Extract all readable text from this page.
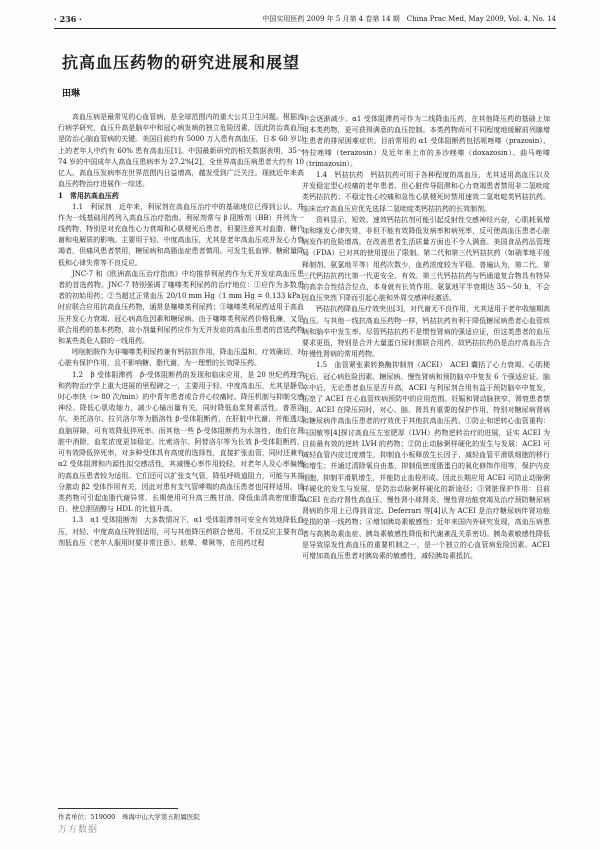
· 236 ·	中国实用医药 2009 年 5 月第 4 卷第 14 期　China Prac Med, May 2009, Vol. 4, No. 14
抗高血压药物的研究进展和展望
田琳

高血压病是最常见的心血管病，是全球范围内的重大公共卫生问题。根据流行病学研究，血压升高是脑卒中和冠心病发病的独立危险因素，因此防治高血压是防治心脑血管病的关键。美国目前约有 5000 万人患有高血压，日本 60 岁以上的老年人中约有 60% 患有高血压[1]。中国最新研究的相关数据表明，35～74 岁的中国成年人高血压患病率为 27.2%[2]，全世界高血压病患者大约有 10 亿人。高血压发病率在世界范围内日益增高，越发受到广泛关注。现就近年来高血压药物治疗进展作一综述。

1　常用抗高血压药

1.1　利尿剂　近年来，利尿剂在高血压治疗中的基础地位已得到公认，并作为一线基础用药列入高血压治疗指南。利尿剂常与 β 阻断剂（BB）并列为一线药物，特别是对充血性心力衰竭和心肌梗死后患者，但要注意其对血脂、糖代谢和电解质的影响。主要用于轻、中度高血压，尤其是老年高血压或并发心力衰竭者，但痛风患者禁用，糖尿病和高脂血症患者慎用。可发生低血钾、糖耐量降低和心律失常等不良反应。

JNC-7 和《欧洲高血压治疗指南》中均推荐利尿药作为无并发症高血压患者的首选药物。JNC-7 特别强调了噻嗪类利尿药的治疗地位：①应作为多数患者的初始用药；②当超过正常血压 20/10 mm Hg（1 mm Hg = 0.133 kPa）时应联合应用抗高血压药物，通常是噻嗪类利尿药；③噻嗪类利尿药适用于高血压并发心力衰竭、冠心病高危因素和糖尿病。由于噻嗪类利尿药价格低廉，又是联合用药的基本药物，故小剂量利尿药应作为无并发症的高血压患者的首选药物和某些高危人群的一线用药。

吲哒帕胺作为非噻嗪类利尿药兼有钙拮抗作用，降血压温和，疗效确切，对心脏有保护作用，且不影响糖、脂代谢，为一理想的长效降压药。

1.2　β 受体阻滞药　β-受体阻断药的发现和临床应用，是 20 世纪药理学和药物治疗学上重大进展的里程碑之一，主要用于轻、中度高血压，尤其是静息时心率快（> 80 次/min）的中青年患者或合并心绞痛时。降压机制与抑制交感神经、降低心肌收缩力，减少心输出量有关，同时降低血浆肾素活性。普萘洛尔、美托洛尔、拉贝洛尔等为脂溶性 β-受体阻断药，在肝脏中代谢，并能透过血脑屏障，可有效降低猝死率。而其他一些 β-受体阻断药为水溶性，他们在肾脏中消除，血浆浓度更加稳定。比索洛尔、阿替洛尔等为长效 β-受体阻断药，可有效降低猝死率，对多种受体具有高度的选择性，直接扩张血管，同时还兼有 α2 受体阻滞和内源性拟交感活性，其减慢心率作用较轻，对老年人及心率偏慢的高血压患者较为适用。它们还可以扩张支气管，降低呼吸道阻力，可能与其部分激动 β2 受体作用有关，因此对患有支气管哮喘的高血压患者也同样适用。该类药物可引起血脂代谢异常，长期使用可升高三酰甘油，降低血清高密度脂蛋白，使总胆固醇与 HDL 的比值升高。

1.3　α1 受体阻断剂　大多数情况下，α1 受体阻滞剂可安全有效地降低血压，对轻、中度高血压特别适用，可与其他降压药联合使用。不良反应主要有首剂低血压（老年人服用时要非常注意）、眩晕、晕厥等，在用药过程

中会逐渐减少。α1 受体阻滞药可作为二线降血压药，在其他降压药的基础上加用本类药物，更可获得满意的血压控制。本类药物尚可不同程度地缓解前列腺增生患者的排尿困难症状。目前常用的 α1 受体阻断药包括哌唑嗪（prazosin）、特拉唑嗪（terazosin）及近年来上市的多沙唑嗪（doxazosin）、曲马唑嗪（trimazosin）。

1.4　钙拮抗药　钙拮抗药可用于各种程度的高血压，尤其适用高血压以及并发稳定型心绞痛的老年患者。但心脏传导阻滞和心力衰竭患者禁用非二氢吡啶类钙拮抗药；不稳定性心绞痛和急性心肌梗死时禁用速效二氢吡啶类钙拮抗药。临床治疗高血压应优先选择二氢吡啶类钙拮抗药的长效制剂。

资料显示，短效、速效钙拮抗剂可能引起反射性交感神经兴奋，心肌耗氧增加和继发心律失常，非但不能有效降低发病率和病死率，反可使高血压患者心脏病发作的危险增高，在改善患者生活质量方面也不令人满意。美国食品药品管理局（FDA）已对其的使用提出了限制。第二代和第三代钙拮抗药（如硝苯地平缓释制剂、氨氯地平等）用药次数少，血药浓度较为平稳。普遍认为，第二代、第三代钙拮抗药比第一代更安全、有效。第三代钙拮抗药与钙通道复合物具有特异的高亲合性结合位点，本身就有长效作用。氨氯地平半衰期达 35～50 h，不会因血压突然下降而引起心脏和外周交感神经激活。

钙拮抗药降血压疗效突出[3]，对代谢无不良作用，尤其适用于老年收缩期高血压。与其他一线抗高血压药物一样，钙拮抗药有利于降低糖尿病患者心血管疾病和脑卒中发生率。尽管钙拮抗药不是惯性肾病的强适应证，但这类患者的血压要求更低，特别是合并大量蛋白尿时需联合用药，故钙拮抗药仍是治疗高血压合并慢性肾病的常用药物。

1.5　血管紧张素转换酶抑制剂（ACEI）　ACEI 囊括了心力衰竭、心肌梗死后、冠心病危险因素、糖尿病、慢性肾病和预防脑卒中复发 6 个强适应证。脑卒中后，无论患者血压是否升高，ACEI 与利尿剂合用有益于预防脑卒中复发，拓宽了 ACEI 在心血管疾病预防中的应用范围。妊娠和肾动脉狭窄、肾衰患者禁用。ACEI 在降压同时，对心、脑、肾具有重要的保护作用，特别对糖尿病肾病和糖尿病伴高血压患者的疗效优于其他抗高血压药。①防止和逆转心血管重构：马国敏等[4]探讨高血压左室肥厚（LVH）药物逆转治疗的进展，证实 ACEI 为目前最有效的逆转 LVH 的药物；②防止动脉粥样硬化的发生与发展：ACEI 可减轻血管内皮过度增生，抑制血小板释放生长因子，减轻血管平滑肌细胞的移行和增生；并通过清除氧自由基，抑制低密度脂蛋白的氧化修饰作用等，保护内皮细胞，抑制平滑肌增生，并能防止血栓形成。因此长期应用 ACEI 可防止动脉粥样硬化的发生与发展，是防治动脉粥样硬化的新途径；③肾脏保护作用：目前 ACEI 在治疗肾性高血压、慢性肾小球肾炎、慢性肾功能衰竭及治疗预防糖尿病肾病的作用上已得到肯定。Deferrari 等[4]认为 ACEI 是治疗糖尿病伴肾功能受损的第一线药物；④增加胰岛素敏感性：近年来国内外研究发现，高血压病患者与高胰岛素血症、胰岛素敏感性降低和代谢紊乱关系密切。胰岛素敏感性降低是导致原发性高血压的重要机制之一，是一个独立的心血管病危险因素。ACEI 可增加高血压患者对胰岛素的敏感性，减轻胰岛素抵抗。

作者单位：519000　珠海中山大学第五附属医院
万方数据
